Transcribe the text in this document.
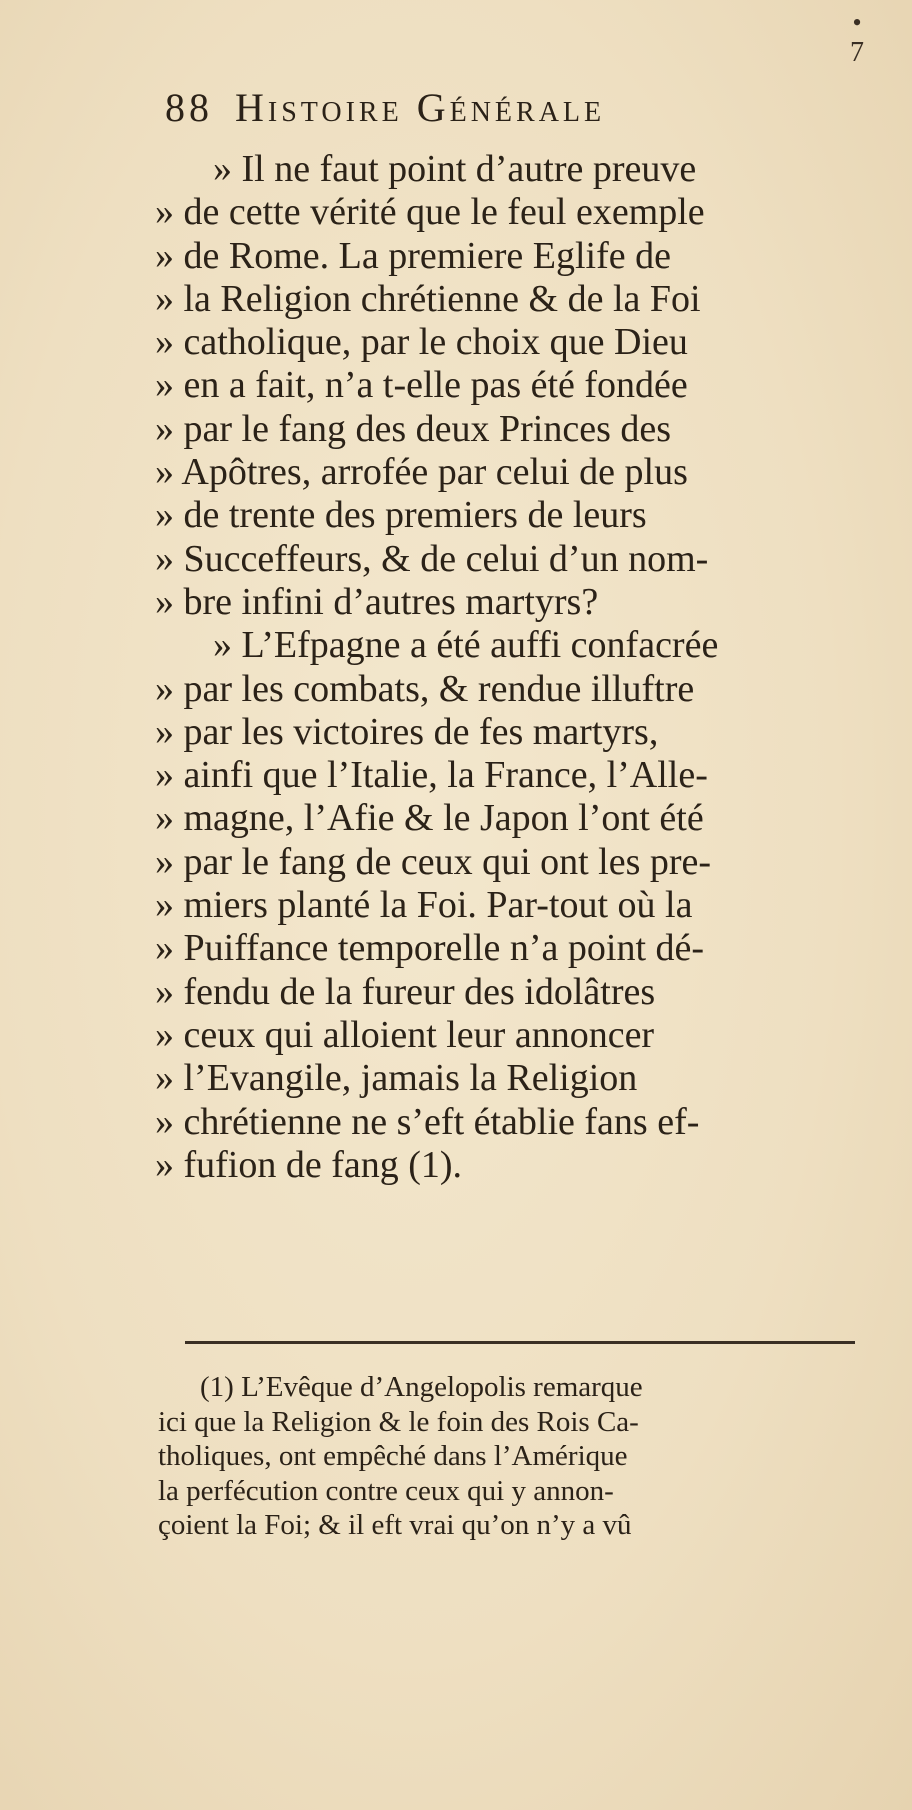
•
7
88 Histoire Générale
» Il ne faut point d’autre preuve
» de cette vérité que le feul exemple
» de Rome. La premiere Eglife de
» la Religion chrétienne & de la Foi
» catholique, par le choix que Dieu
» en a fait, n’a t-elle pas été fondée
» par le fang des deux Princes des
» Apôtres, arrofée par celui de plus
» de trente des premiers de leurs
» Succeffeurs, & de celui d’un nom-
» bre infini d’autres martyrs?
» L’Efpagne a été auffi confacrée
» par les combats, & rendue illuftre
» par les victoires de fes martyrs,
» ainfi que l’Italie, la France, l’Alle-
» magne, l’Afie & le Japon l’ont été
» par le fang de ceux qui ont les pre-
» miers planté la Foi. Par-tout où la
» Puiffance temporelle n’a point dé-
» fendu de la fureur des idolâtres
» ceux qui alloient leur annoncer
» l’Evangile, jamais la Religion
» chrétienne ne s’eft établie fans ef-
» fufion de fang (1).
(1) L’Evêque d’Angelopolis remarque
ici que la Religion & le foin des Rois Ca-
tholiques, ont empêché dans l’Amérique
la perfécution contre ceux qui y annon-
çoient la Foi; & il eft vrai qu’on n’y a vû
